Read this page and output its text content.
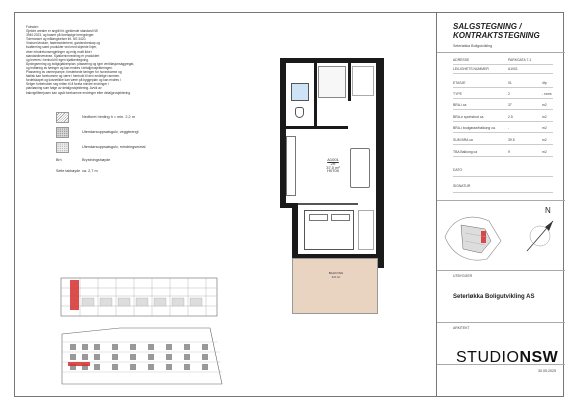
Fotnoter:
Gjeldre arealer er angitt iht. gjeldende standard NS
3940:2023, og basert på foreløpige beregninger.
Tolerranser og målangivelser iht. NS 3420.
Vinduer/vinduer, fastemoblement, garderobeskap og
kvaltenring samt produkter ved med skjeede linjer,
viser mindrekonsergjelinger og enig mulit ikke i
standardleveranse. Kjøkkeninnredning er produktert
og leveres i henhold til egen kjøkkentegning.
Åpningsenring og boligkjøkkenplan: plassering og type ventilasjonsaggregat,
og ledføring av føringer og kan endres i detaljprosjekteringen.
Plassering av varmepumpe, forsterkede føringer for hovedvarme og
faktisk kan forekomme og være i henhold til den endelige rammen.
fordelskapet og kosnetikke kan være på byggeplan og kan endres i
Selger forbeholder seg retten til å foreta mindre endringer i
planløsning som følge av detaljprosjektering. Avvik av
bakvigrfilterrjusen kan også forekomme endringer etter detaljprosjektering.
Nedforet himling h = min. 2,2 m
Utendørsoppsatsgulv, veggbrengl
Utendørsoppsatsgulv, mindringsmetal
Brh	Brystningshøyde
Sette takhøyde ca. 2,7 m
A1001
2R
37.0 m²
H0705
BALKONG
9.0 m²
SALGSTEGNING /
KONTRAKTSTEGNING
Seterløkka Boligutvikling
ADRESSE	PARKGATA 7-1
LEILIGHETS NUMMER	A1001
ETASJE	01	4fp
TYPE	2	- roms
BRA-i ca	37	m2
BRA-e sportsbod ca	2.5	m2
BRA-i bodgasse/balkong ca.	-	m2
SUM BRA ca	39.5	m2
TBA Balkong ca	9	m2
DATO
SIGNATUR
UTBYGGER
Seterløkka Boligutvikling AS
ARKITEKT
30.05.2025
STUDIONSW
N
